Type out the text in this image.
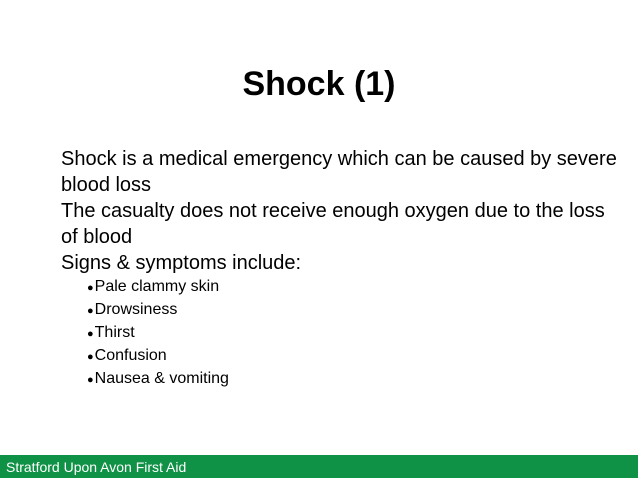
Shock (1)

Shock is a medical emergency which can be caused by severe blood loss

The casualty does not receive enough oxygen due to the loss of blood

Signs & symptoms include:

● Pale clammy skin
● Drowsiness
● Thirst
● Confusion
● Nausea & vomiting
Stratford Upon Avon First Aid
